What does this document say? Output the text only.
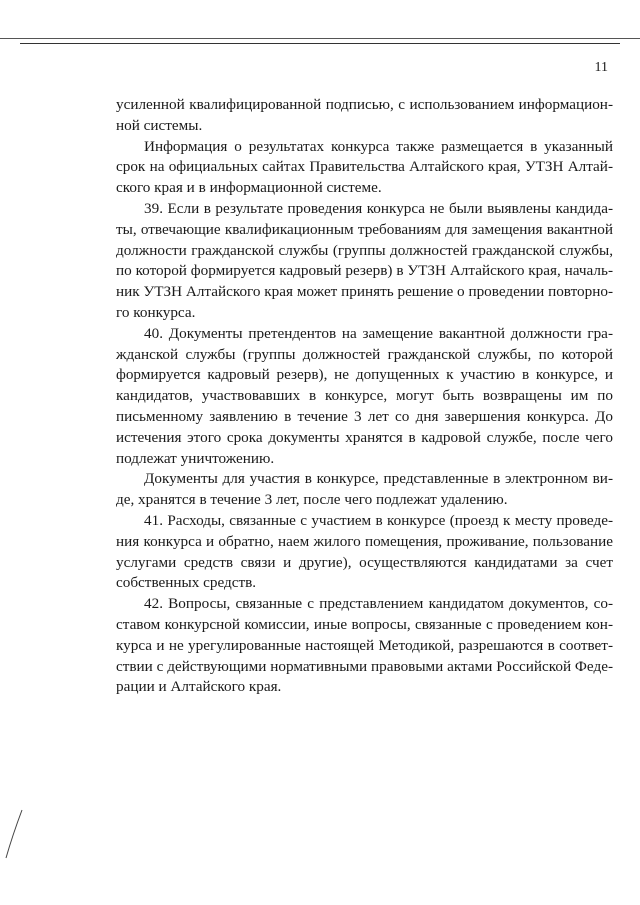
11

усиленной квалифицированной подписью, с использованием информационной системы.

Информация о результатах конкурса также размещается в указанный срок на официальных сайтах Правительства Алтайского края, УТЗН Алтайского края и в информационной системе.

39. Если в результате проведения конкурса не были выявлены кандидаты, отвечающие квалификационным требованиям для замещения вакантной должности гражданской службы (группы должностей гражданской службы, по которой формируется кадровый резерв) в УТЗН Алтайского края, начальник УТЗН Алтайского края может принять решение о проведении повторного конкурса.

40. Документы претендентов на замещение вакантной должности гражданской службы (группы должностей гражданской службы, по которой формируется кадровый резерв), не допущенных к участию в конкурсе, и кандидатов, участвовавших в конкурсе, могут быть возвращены им по письменному заявлению в течение 3 лет со дня завершения конкурса. До истечения этого срока документы хранятся в кадровой службе, после чего подлежат уничтожению.

Документы для участия в конкурсе, представленные в электронном виде, хранятся в течение 3 лет, после чего подлежат удалению.

41. Расходы, связанные с участием в конкурсе (проезд к месту проведения конкурса и обратно, наем жилого помещения, проживание, пользование услугами средств связи и другие), осуществляются кандидатами за счет собственных средств.

42. Вопросы, связанные с представлением кандидатом документов, составом конкурсной комиссии, иные вопросы, связанные с проведением конкурса и не урегулированные настоящей Методикой, разрешаются в соответствии с действующими нормативными правовыми актами Российской Федерации и Алтайского края.
